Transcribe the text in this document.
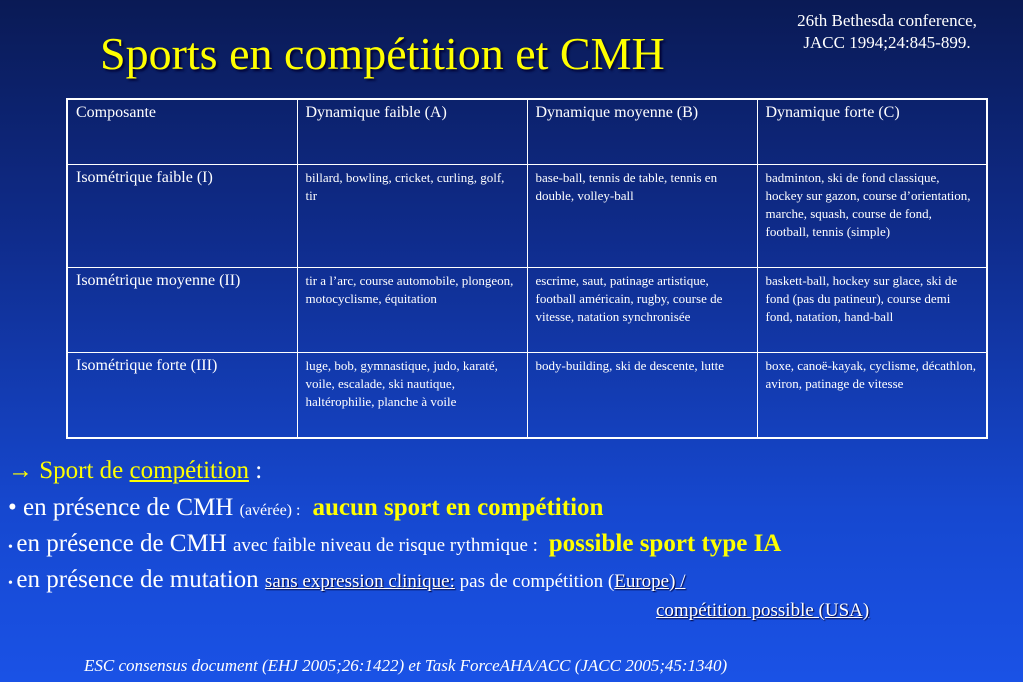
26th Bethesda conference,
JACC 1994;24:845-899.
Sports en compétition et CMH
Composante	Dynamique faible (A)	Dynamique moyenne (B)	Dynamique forte (C)
Isométrique faible (I)	billard, bowling, cricket, curling, golf, tir	base-ball, tennis de table, tennis en double, volley-ball	badminton, ski de fond classique, hockey sur gazon, course d’orientation, marche, squash, course de fond, football, tennis (simple)
Isométrique moyenne (II)	tir a l’arc, course automobile, plongeon, motocyclisme, équitation	escrime, saut, patinage artistique, football américain, rugby, course de vitesse, natation synchronisée	baskett-ball, hockey sur glace, ski de fond (pas du patineur), course demi fond, natation, hand-ball
Isométrique forte (III)	luge, bob, gymnastique, judo, karaté, voile, escalade, ski nautique, haltérophilie, planche à voile	body-building, ski de descente, lutte	boxe, canoë-kayak, cyclisme, décathlon, aviron, patinage de vitesse
→ Sport de compétition :
• en présence de CMH (avérée) : aucun sport en compétition
• en présence de CMH avec faible niveau de risque rythmique : possible sport type IA
• en présence de mutation sans expression clinique: pas de compétition (Europe) /
compétition possible (USA)
ESC consensus document (EHJ 2005;26:1422) et Task ForceAHA/ACC (JACC 2005;45:1340)
